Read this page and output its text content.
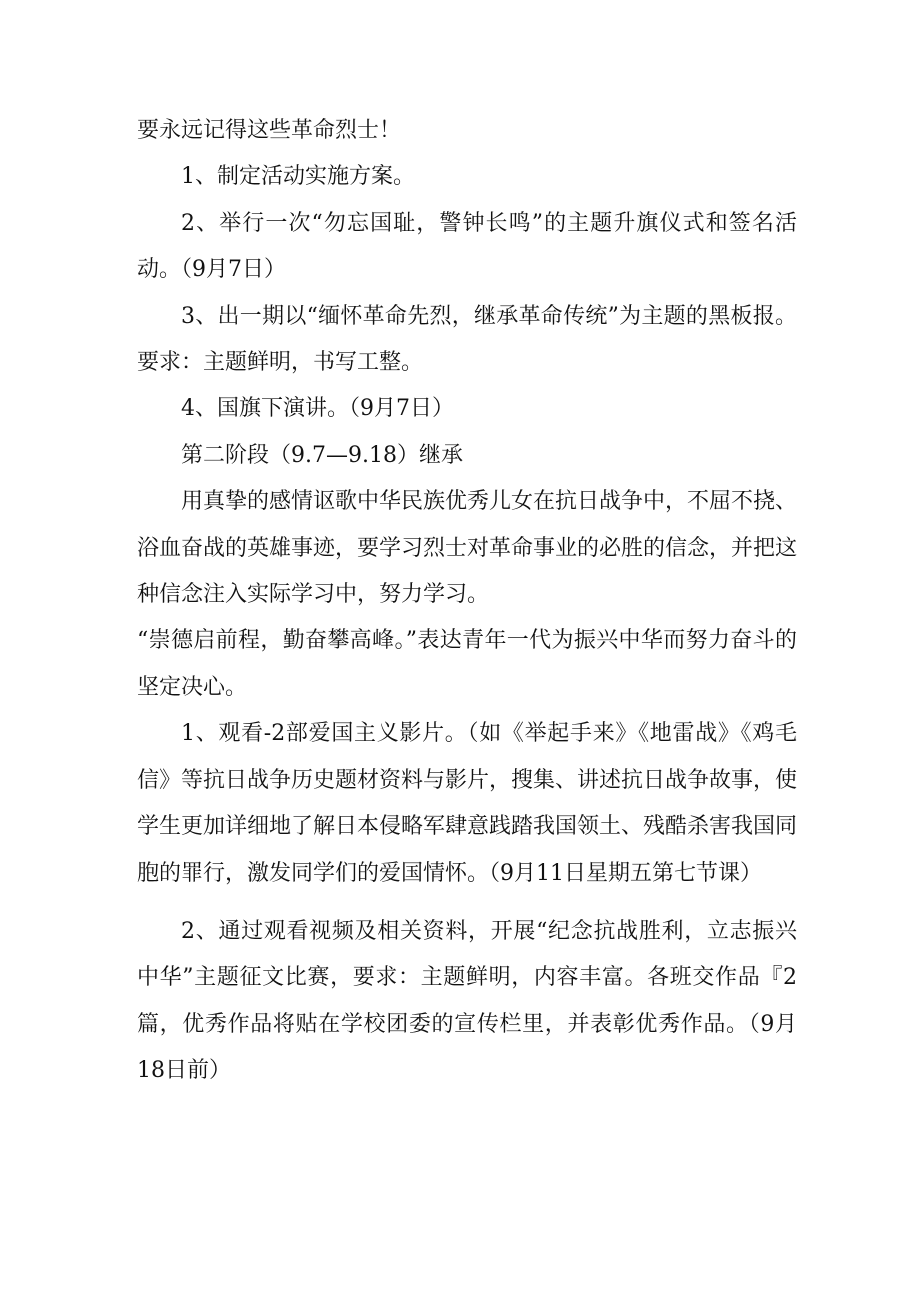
要永远记得这些革命烈士！

1、制定活动实施方案。

2、举行一次“勿忘国耻，警钟长鸣”的主题升旗仪式和签名活动。（9月7日）

3、出一期以“缅怀革命先烈，继承革命传统”为主题的黑板报。要求：主题鲜明，书写工整。

4、国旗下演讲。（9月7日）

第二阶段（9.7—9.18）继承

用真挚的感情讴歌中华民族优秀儿女在抗日战争中，不屈不挠、浴血奋战的英雄事迹，要学习烈士对革命事业的必胜的信念，并把这种信念注入实际学习中，努力学习。

“崇德启前程，勤奋攀高峰。”表达青年一代为振兴中华而努力奋斗的坚定决心。

1、观看-2部爱国主义影片。（如《举起手来》《地雷战》《鸡毛信》等抗日战争历史题材资料与影片，搜集、讲述抗日战争故事，使学生更加详细地了解日本侵略军肆意践踏我国领土、残酷杀害我国同胞的罪行，激发同学们的爱国情怀。（9月11日星期五第七节课）

2、通过观看视频及相关资料，开展“纪念抗战胜利，立志振兴中华”主题征文比赛，要求：主题鲜明，内容丰富。各班交作品『2篇，优秀作品将贴在学校团委的宣传栏里，并表彰优秀作品。（9月18日前）
